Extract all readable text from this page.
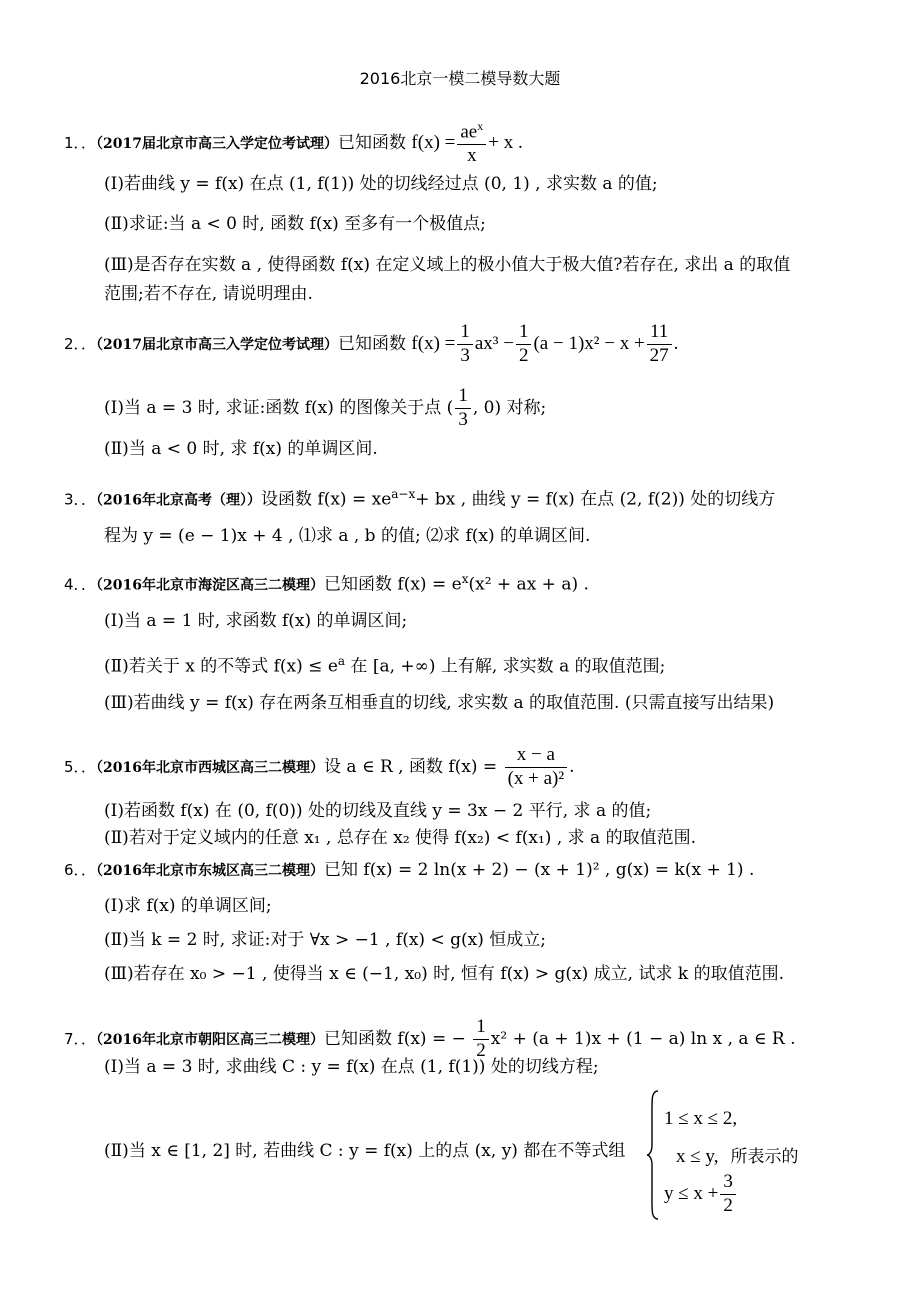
2016北京一模二模导数大题
1．．（2017届北京市高三入学定位考试理）已知函数 $f(x) = \frac{ae^x}{x} + x$ .
(Ⅰ)若曲线 y = f(x) 在点 (1, f(1)) 处的切线经过点 (0, 1) , 求实数 a 的值;
(Ⅱ)求证:当 a < 0 时, 函数 f(x) 至多有一个极值点;
(Ⅲ)是否存在实数 a , 使得函数 f(x) 在定义域上的极小值大于极大值?若存在, 求出 a 的取值
范围;若不存在, 请说明理由.
2．．（2017届北京市高三入学定位考试理）已知函数 $f(x) = \frac{1}{3} ax^3 - \frac{1}{2} (a - 1)x^2 - x + \frac{11}{27}$ .
(Ⅰ)当 a = 3 时, 求证:函数 f(x) 的图像关于点 ( $\frac{1}{3}$ , 0) 对称;
(Ⅱ)当 a < 0 时, 求 f(x) 的单调区间.
3．．（2016年北京高考（理））设函数 $f(x) = xe^{a-x}+$ bx , 曲线 y = f(x) 在点 (2, f(2)) 处的切线方
程为 y = (e − 1)x + 4 , ⑴求 a , b 的值; ⑵求 f(x) 的单调区间.
4．．（2016年北京市海淀区高三二模理）已知函数 $f(x) = e^x(x^2$ + ax + a) .
(Ⅰ)当 a = 1 时, 求函数 f(x) 的单调区间;
(Ⅱ)若关于 x 的不等式 $f(x) \le e^a$ 在 [a, +∞) 上有解, 求实数 a 的取值范围;
(Ⅲ)若曲线 y = f(x) 存在两条互相垂直的切线, 求实数 a 的取值范围. (只需直接写出结果)
5．．（2016年北京市西城区高三二模理）设 a ∈ R , 函数 $f(x) = \frac{x - a}{\text{(x + a)²}}$ .
(Ⅰ)若函数 f(x) 在 (0, f(0)) 处的切线及直线 y = 3x − 2 平行, 求 a 的值;
(Ⅱ)若对于定义域内的任意 x₁ , 总存在 x₂ 使得 f(x₂) < f(x₁) , 求 a 的取值范围.
6．．（2016年北京市东城区高三二模理）已知 f(x) = 2 ln(x + 2) − (x + 1)² , g(x) = k(x + 1) .
(Ⅰ)求 f(x) 的单调区间;
(Ⅱ)当 k = 2 时, 求证:对于 ∀x > −1 , f(x) < g(x) 恒成立;
(Ⅲ)若存在 x₀ > −1 , 使得当 x ∈ (−1, x₀) 时, 恒有 f(x) > g(x) 成立, 试求 k 的取值范围.
7．．（2016年北京市朝阳区高三二模理）已知函数 f(x) = − $\frac{1}{2} x^2 + (a + 1)x + (1 - a)$ ln x , a ∈ R .
(Ⅰ)当 a = 3 时, 求曲线 C : y = f(x) 在点 (1, f(1)) 处的切线方程;
(Ⅱ)当 x ∈ [1, 2] 时, 若曲线 C : y = f(x) 上的点 (x, y) 都在不等式组
1 ≤ x ≤ 2,
x ≤ y, 所表示的
$y \le x + \frac{3}{2}$
